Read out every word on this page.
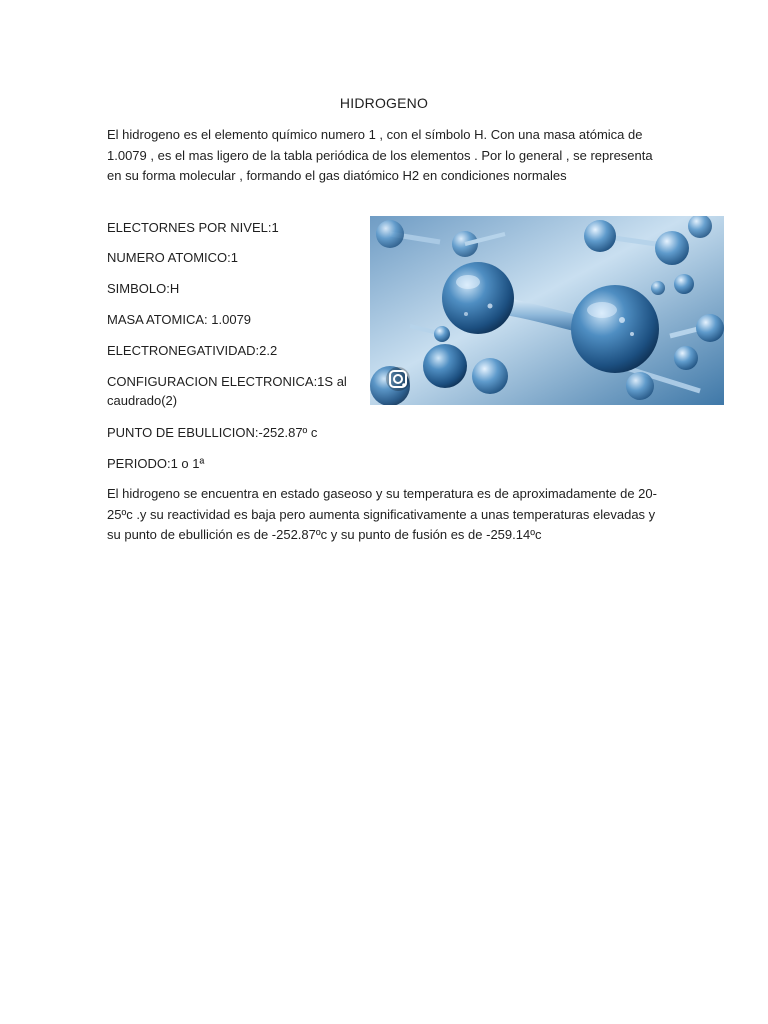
HIDROGENO

El hidrogeno es el elemento químico numero 1 , con el símbolo H. Con una masa atómica de 1.0079 , es el mas ligero de la tabla periódica de los elementos . Por lo general , se representa en su forma molecular , formando el gas diatómico H2 en condiciones normales

ELECTORNES POR NIVEL:1

NUMERO ATOMICO:1

SIMBOLO:H

MASA ATOMICA: 1.0079

ELECTRONEGATIVIDAD:2.2

CONFIGURACION ELECTRONICA:1S al caudrado(2)

PUNTO DE EBULLICION:-252.87º c

PERIODO:1 o 1ª

El hidrogeno se encuentra en estado gaseoso y su temperatura es de aproximadamente de 20-25ºc .y su reactividad es baja pero aumenta significativamente a unas temperaturas elevadas y su punto de ebullición es de -252.87ºc y su punto de fusión es de -259.14ºc
